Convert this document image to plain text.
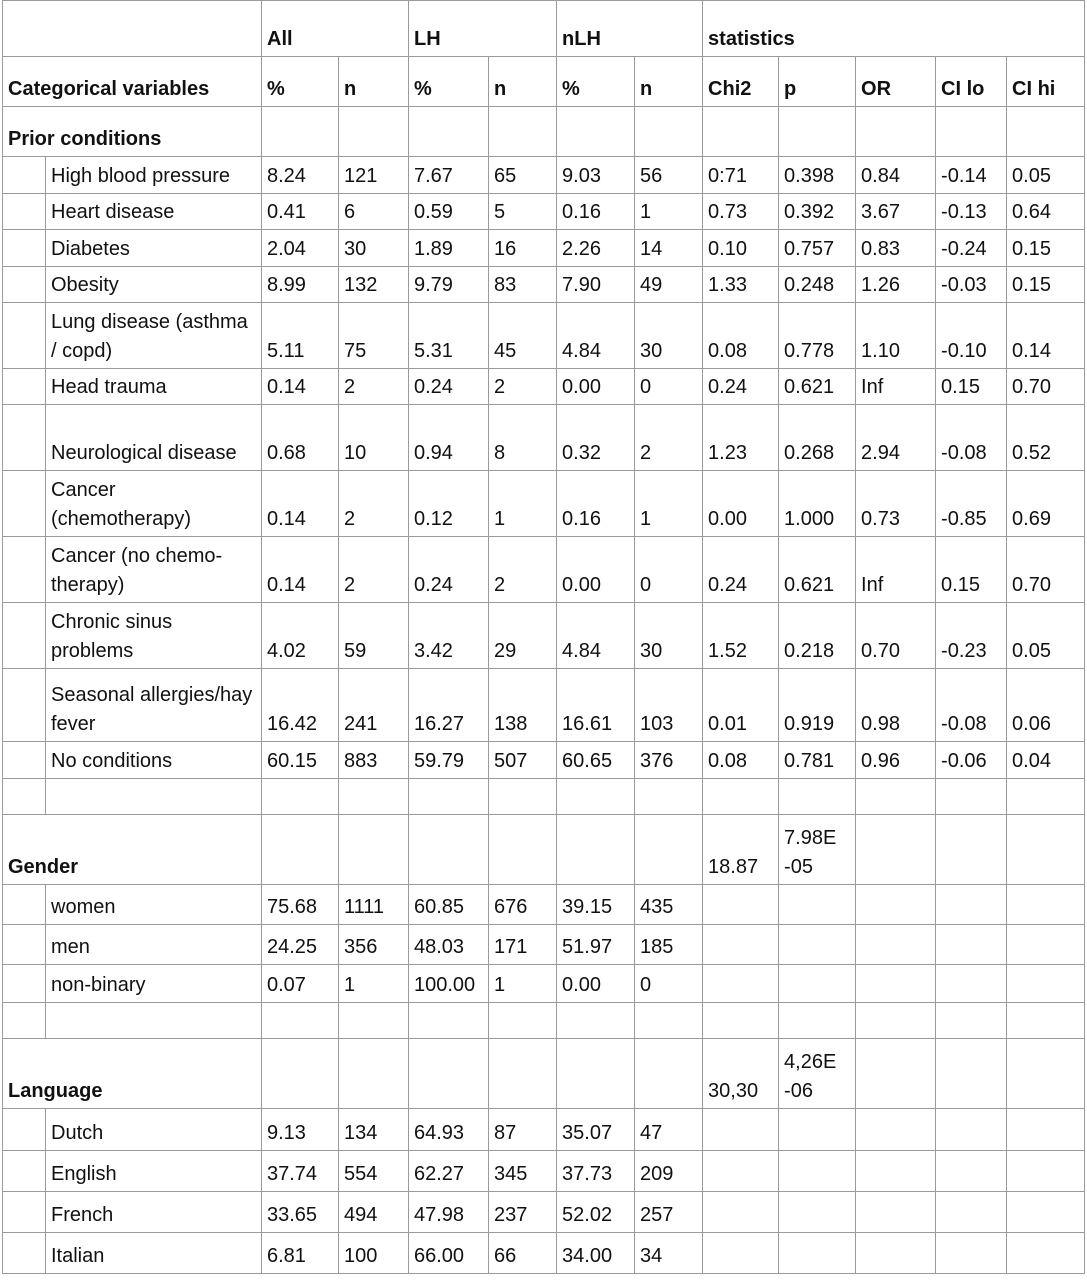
		All		LH		nLH		statistics				
Categorical variables		%	n	%	n	%	n	Chi2	p	OR	CI lo	CI hi
Prior conditions												
	High blood pressure	8.24	121	7.67	65	9.03	56	0:71	0.398	0.84	-0.14	0.05
	Heart disease	0.41	6	0.59	5	0.16	1	0.73	0.392	3.67	-0.13	0.64
	Diabetes	2.04	30	1.89	16	2.26	14	0.10	0.757	0.83	-0.24	0.15
	Obesity	8.99	132	9.79	83	7.90	49	1.33	0.248	1.26	-0.03	0.15
	Lung disease (asthma / copd)	5.11	75	5.31	45	4.84	30	0.08	0.778	1.10	-0.10	0.14
	Head trauma	0.14	2	0.24	2	0.00	0	0.24	0.621	Inf	0.15	0.70
	Neurological disease	0.68	10	0.94	8	0.32	2	1.23	0.268	2.94	-0.08	0.52
	Cancer (chemotherapy)	0.14	2	0.12	1	0.16	1	0.00	1.000	0.73	-0.85	0.69
	Cancer (no chemo-therapy)	0.14	2	0.24	2	0.00	0	0.24	0.621	Inf	0.15	0.70
	Chronic sinus problems	4.02	59	3.42	29	4.84	30	1.52	0.218	0.70	-0.23	0.05
	Seasonal allergies/hay fever	16.42	241	16.27	138	16.61	103	0.01	0.919	0.98	-0.08	0.06
	No conditions	60.15	883	59.79	507	60.65	376	0.08	0.781	0.96	-0.06	0.04

Gender								18.87	7.98E -05			
	women	75.68	1111	60.85	676	39.15	435					
	men	24.25	356	48.03	171	51.97	185					
	non-binary	0.07	1	100.00	1	0.00	0					

Language								30,30	4,26E -06			
	Dutch	9.13	134	64.93	87	35.07	47					
	English	37.74	554	62.27	345	37.73	209					
	French	33.65	494	47.98	237	52.02	257					
	Italian	6.81	100	66.00	66	34.00	34					
